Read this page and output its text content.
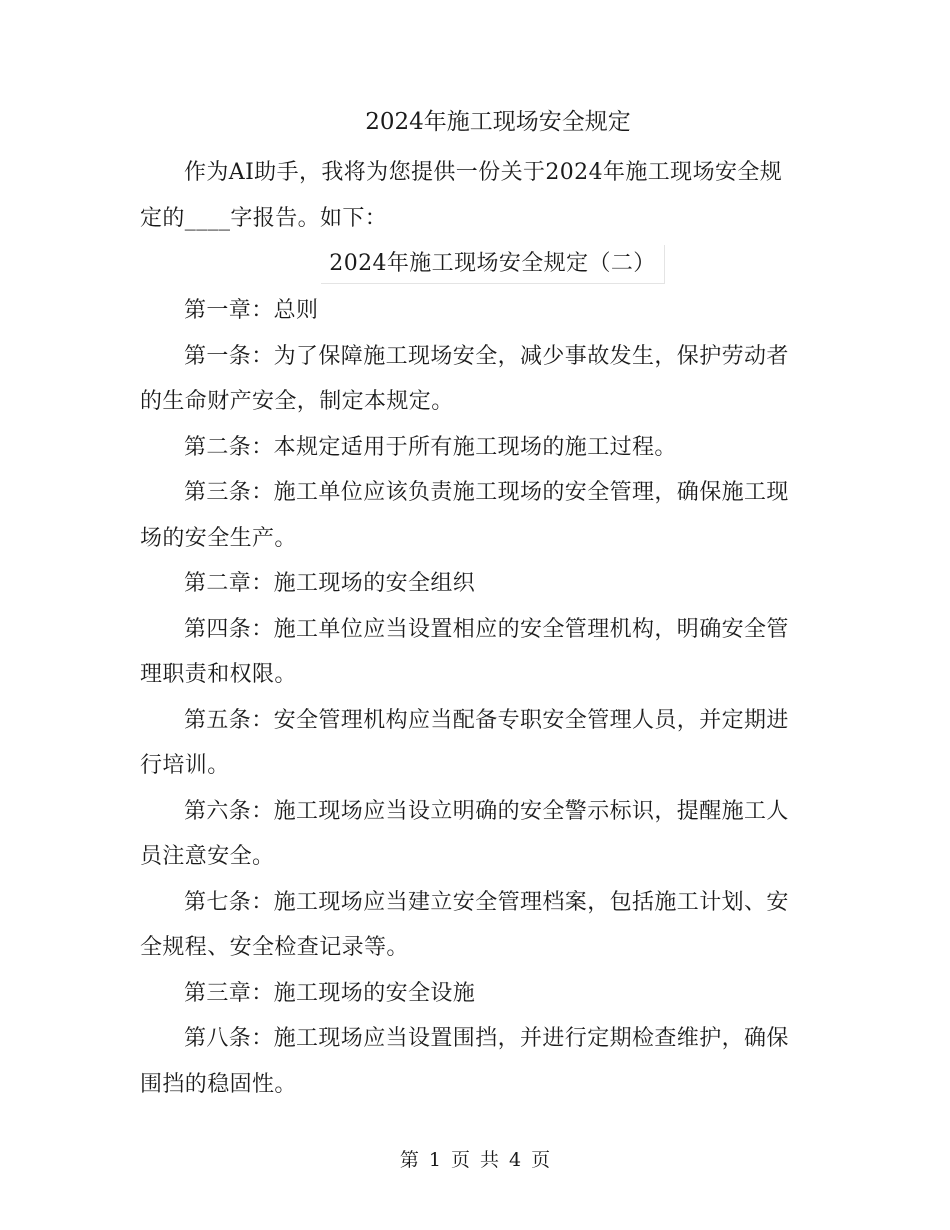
2024年施工现场安全规定

作为AI助手，我将为您提供一份关于2024年施工现场安全规定的____字报告。如下：

2024年施工现场安全规定（二）

第一章：总则

第一条：为了保障施工现场安全，减少事故发生，保护劳动者的生命财产安全，制定本规定。

第二条：本规定适用于所有施工现场的施工过程。

第三条：施工单位应该负责施工现场的安全管理，确保施工现场的安全生产。

第二章：施工现场的安全组织

第四条：施工单位应当设置相应的安全管理机构，明确安全管理职责和权限。

第五条：安全管理机构应当配备专职安全管理人员，并定期进行培训。

第六条：施工现场应当设立明确的安全警示标识，提醒施工人员注意安全。

第七条：施工现场应当建立安全管理档案，包括施工计划、安全规程、安全检查记录等。

第三章：施工现场的安全设施

第八条：施工现场应当设置围挡，并进行定期检查维护，确保围挡的稳固性。

第 1 页 共 4 页
